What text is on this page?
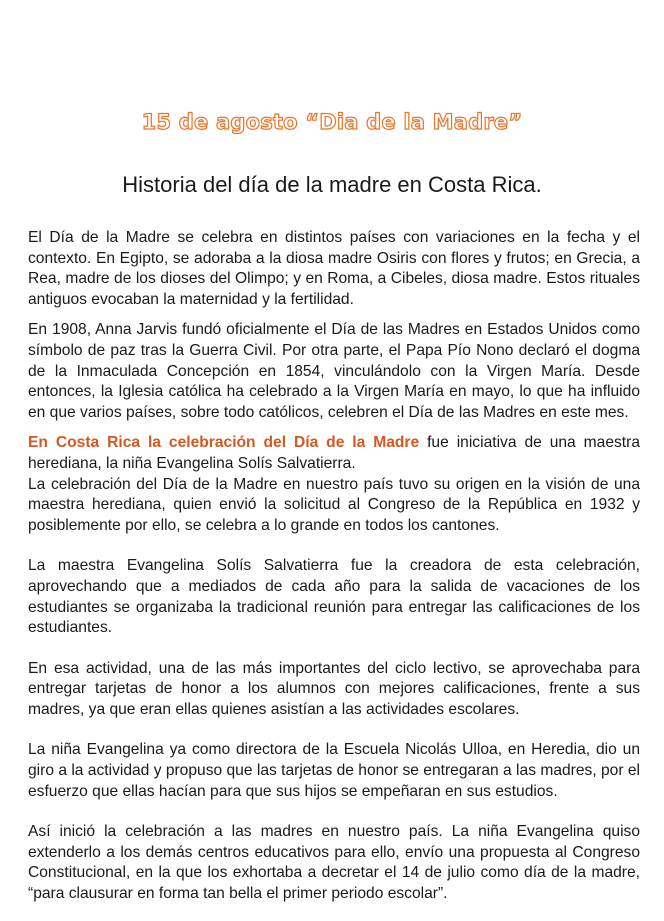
15 de agosto “Dia de la Madre”
Historia del día de la madre en Costa Rica.

El Día de la Madre se celebra en distintos países con variaciones en la fecha y el contexto. En Egipto, se adoraba a la diosa madre Osiris con flores y frutos; en Grecia, a Rea, madre de los dioses del Olimpo; y en Roma, a Cibeles, diosa madre. Estos rituales antiguos evocaban la maternidad y la fertilidad.

En 1908, Anna Jarvis fundó oficialmente el Día de las Madres en Estados Unidos como símbolo de paz tras la Guerra Civil. Por otra parte, el Papa Pío Nono declaró el dogma de la Inmaculada Concepción en 1854, vinculándolo con la Virgen María. Desde entonces, la Iglesia católica ha celebrado a la Virgen María en mayo, lo que ha influido en que varios países, sobre todo católicos, celebren el Día de las Madres en este mes.

En Costa Rica la celebración del Día de la Madre fue iniciativa de una maestra herediana, la niña Evangelina Solís Salvatierra.

La celebración del Día de la Madre en nuestro país tuvo su origen en la visión de una maestra herediana, quien envió la solicitud al Congreso de la República en 1932 y posiblemente por ello, se celebra a lo grande en todos los cantones.

La maestra Evangelina Solís Salvatierra fue la creadora de esta celebración, aprovechando que a mediados de cada año para la salida de vacaciones de los estudiantes se organizaba la tradicional reunión para entregar las calificaciones de los estudiantes.

En esa actividad, una de las más importantes del ciclo lectivo, se aprovechaba para entregar tarjetas de honor a los alumnos con mejores calificaciones, frente a sus madres, ya que eran ellas quienes asistían a las actividades escolares.

La niña Evangelina ya como directora de la Escuela Nicolás Ulloa, en Heredia, dio un giro a la actividad y propuso que las tarjetas de honor se entregaran a las madres, por el esfuerzo que ellas hacían para que sus hijos se empeñaran en sus estudios.

Así inició la celebración a las madres en nuestro país. La niña Evangelina quiso extenderlo a los demás centros educativos para ello, envío una propuesta al Congreso Constitucional, en la que los exhortaba a decretar el 14 de julio como día de la madre, “para clausurar en forma tan bella el primer periodo escolar”.
